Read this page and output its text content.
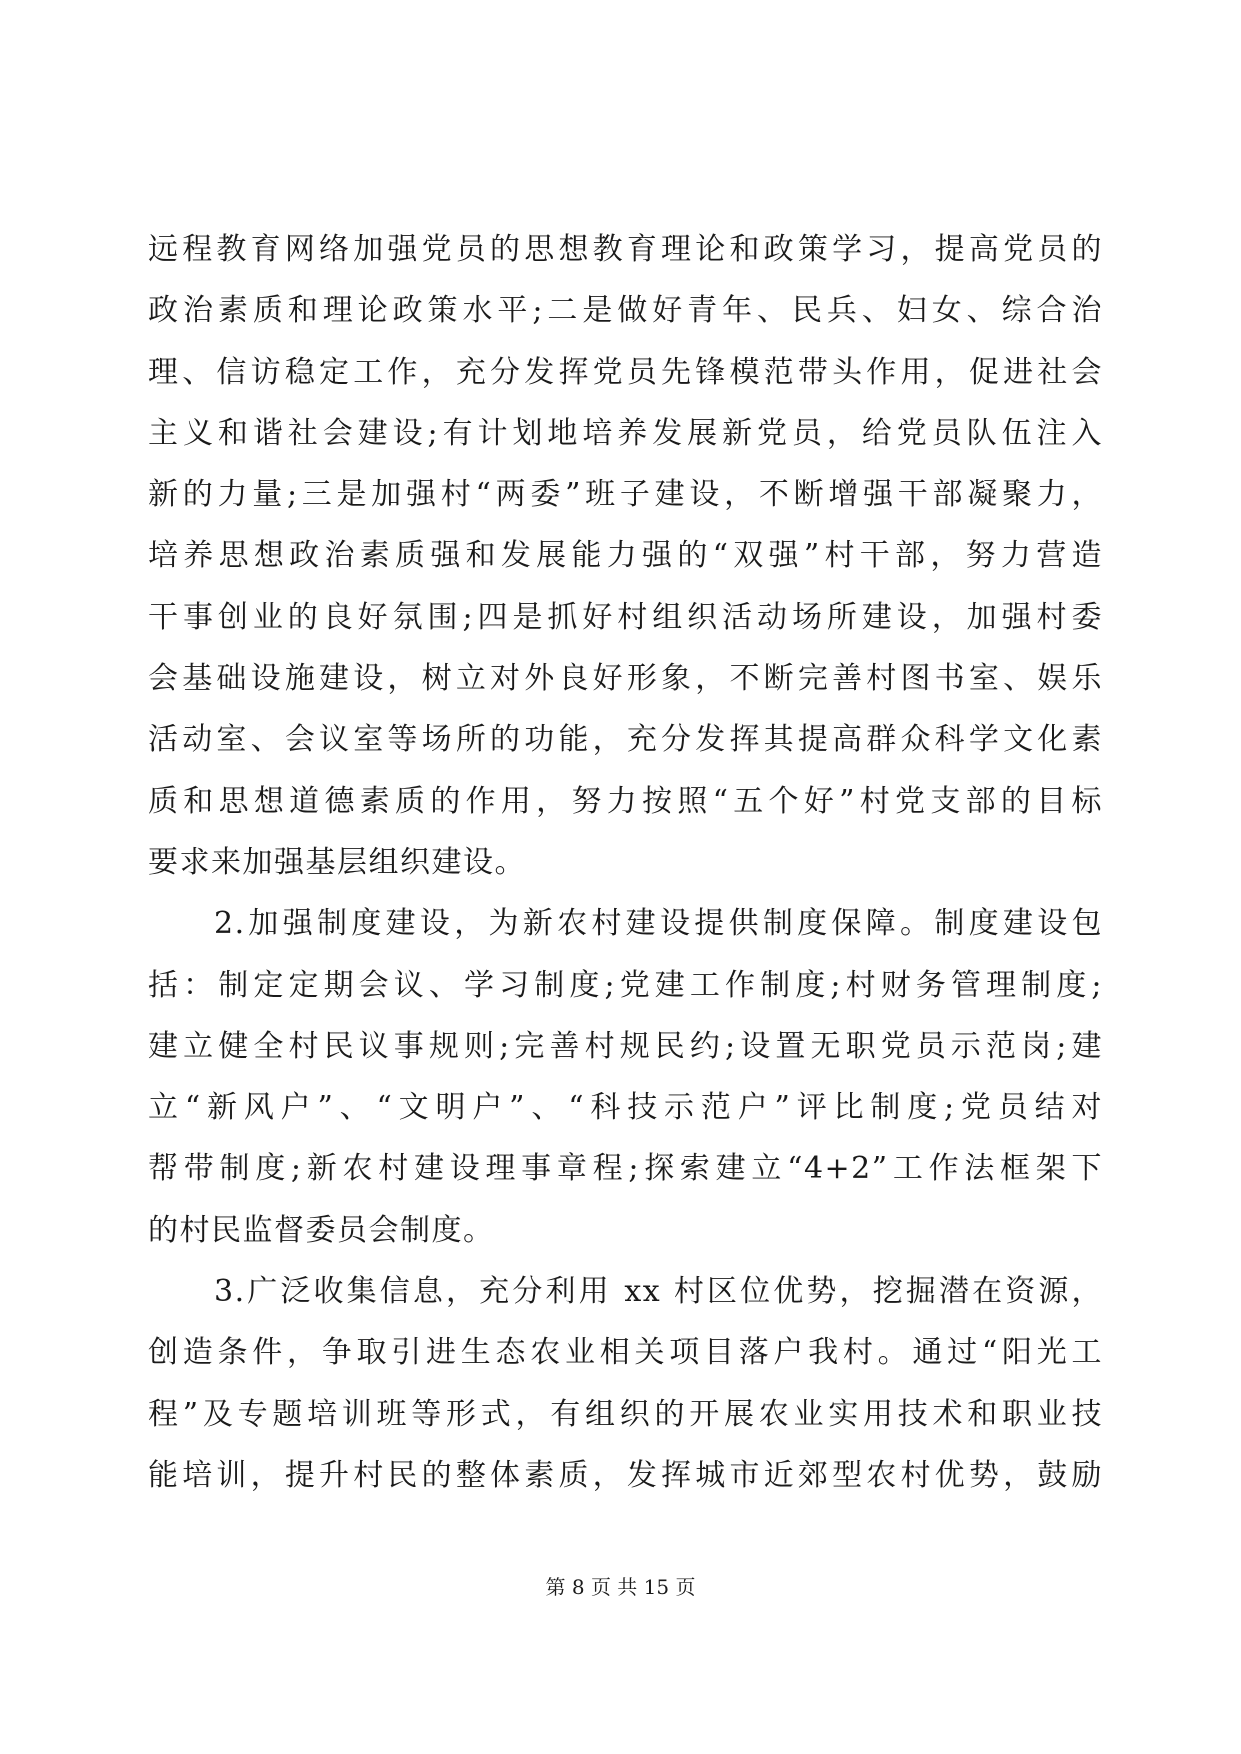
远程教育网络加强党员的思想教育理论和政策学习，提高党员的
政治素质和理论政策水平;二是做好青年、民兵、妇女、综合治
理、信访稳定工作，充分发挥党员先锋模范带头作用，促进社会
主义和谐社会建设;有计划地培养发展新党员，给党员队伍注入
新的力量;三是加强村“两委”班子建设，不断增强干部凝聚力，
培养思想政治素质强和发展能力强的“双强”村干部，努力营造
干事创业的良好氛围;四是抓好村组织活动场所建设，加强村委
会基础设施建设，树立对外良好形象，不断完善村图书室、娱乐
活动室、会议室等场所的功能，充分发挥其提高群众科学文化素
质和思想道德素质的作用，努力按照“五个好”村党支部的目标
要求来加强基层组织建设。
2.加强制度建设，为新农村建设提供制度保障。制度建设包
括：制定定期会议、学习制度;党建工作制度;村财务管理制度;
建立健全村民议事规则;完善村规民约;设置无职党员示范岗;建
立“新风户”、“文明户”、“科技示范户”评比制度;党员结对
帮带制度;新农村建设理事章程;探索建立“4+2”工作法框架下
的村民监督委员会制度。
3.广泛收集信息，充分利用 xx 村区位优势，挖掘潜在资源，
创造条件，争取引进生态农业相关项目落户我村。通过“阳光工
程”及专题培训班等形式，有组织的开展农业实用技术和职业技
能培训，提升村民的整体素质，发挥城市近郊型农村优势，鼓励
第 8 页 共 15 页
